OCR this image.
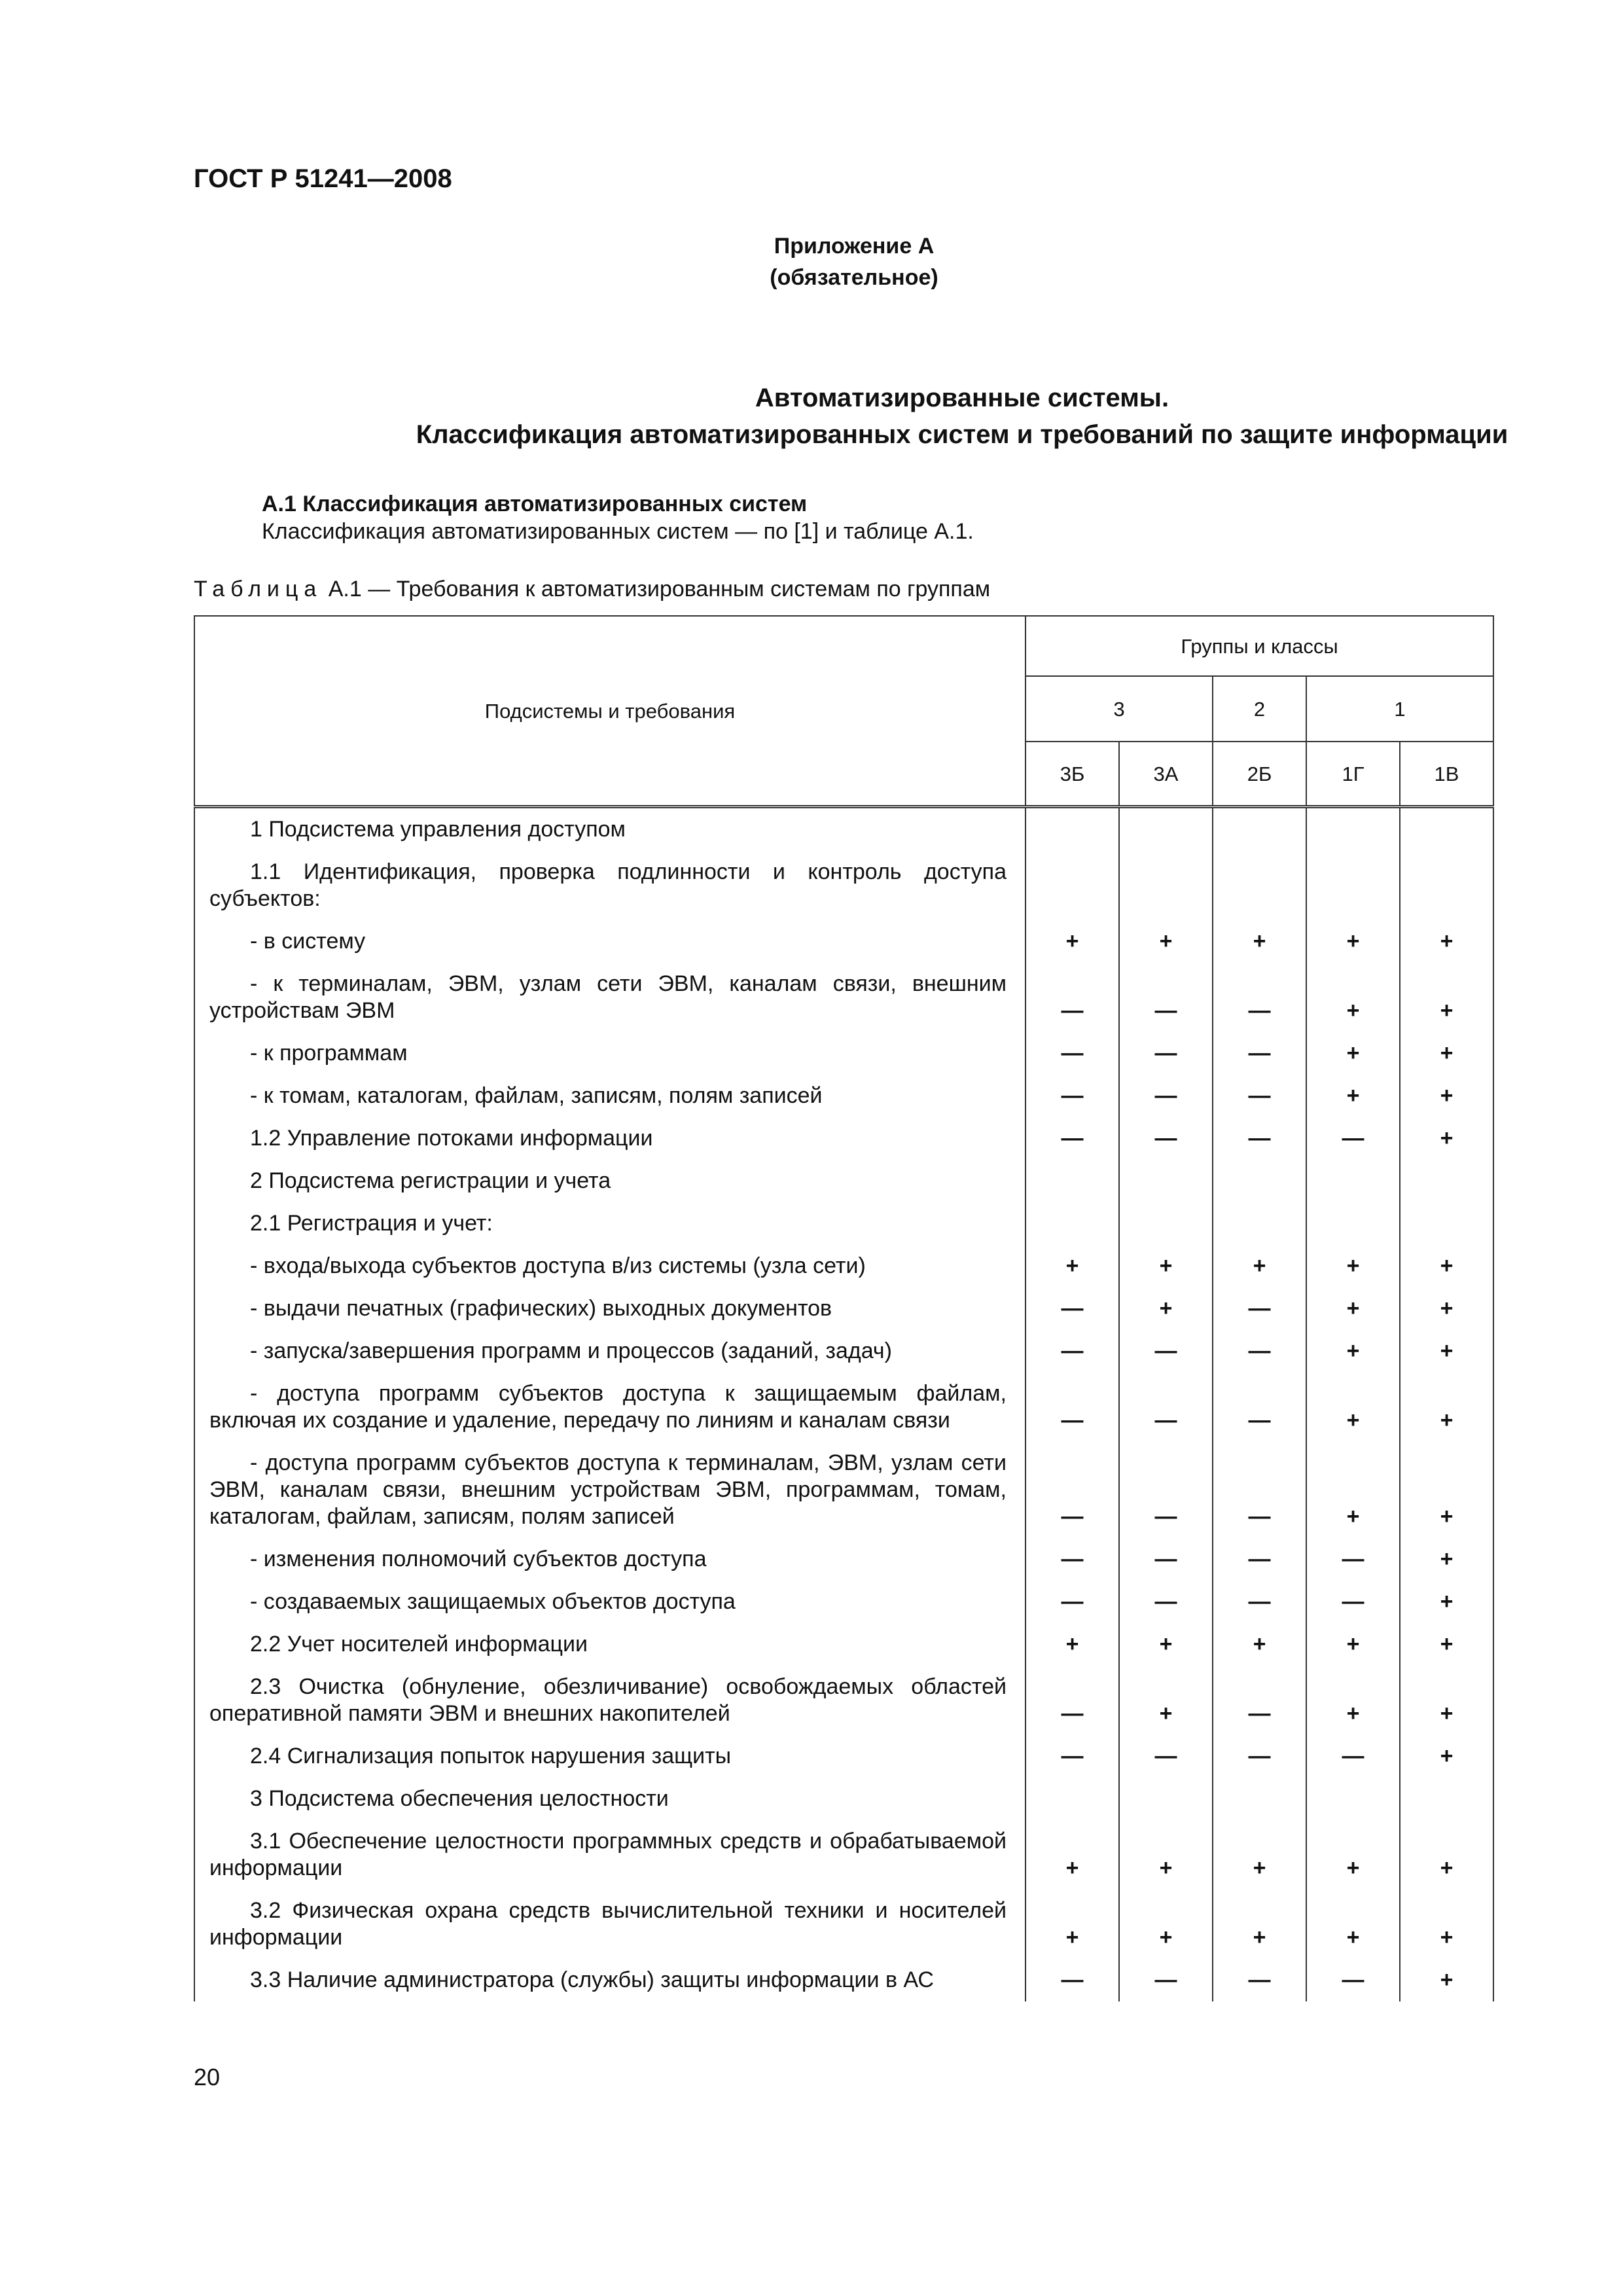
ГОСТ Р 51241—2008
Приложение А
(обязательное)
Автоматизированные системы.
Классификация автоматизированных систем и требований по защите информации
А.1 Классификация автоматизированных систем
Классификация автоматизированных систем — по [1] и таблице А.1.
Таблица А.1 — Требования к автоматизированным системам по группам
Подсистемы и требования	Группы и классы				
	3		2	1	
	3Б	3А	2Б	1Г	1В

1 Подсистема управления доступом					

1.1 Идентификация, проверка подлинности и контроль доступа субъектов:					

- в систему	+	+	+	+	+

- к терминалам, ЭВМ, узлам сети ЭВМ, каналам связи, внешним устройствам ЭВМ	—	—	—	+	+

- к программам	—	—	—	+	+

- к томам, каталогам, файлам, записям, полям записей	—	—	—	+	+

1.2 Управление потоками информации	—	—	—	—	+

2 Подсистема регистрации и учета					

2.1 Регистрация и учет:					

- входа/выхода субъектов доступа в/из системы (узла сети)	+	+	+	+	+

- выдачи печатных (графических) выходных документов	—	+	—	+	+

- запуска/завершения программ и процессов (заданий, задач)	—	—	—	+	+

- доступа программ субъектов доступа к защищаемым файлам, включая их создание и удаление, передачу по линиям и каналам связи	—	—	—	+	+

- доступа программ субъектов доступа к терминалам, ЭВМ, узлам сети ЭВМ, каналам связи, внешним устройствам ЭВМ, программам, томам, каталогам, файлам, записям, полям записей	—	—	—	+	+

- изменения полномочий субъектов доступа	—	—	—	—	+

- создаваемых защищаемых объектов доступа	—	—	—	—	+

2.2 Учет носителей информации	+	+	+	+	+

2.3 Очистка (обнуление, обезличивание) освобождаемых областей оперативной памяти ЭВМ и внешних накопителей	—	+	—	+	+

2.4 Сигнализация попыток нарушения защиты	—	—	—	—	+

3 Подсистема обеспечения целостности					

3.1 Обеспечение целостности программных средств и обрабатываемой информации	+	+	+	+	+

3.2 Физическая охрана средств вычислительной техники и носителей информации	+	+	+	+	+

3.3 Наличие администратора (службы) защиты информации в АС	—	—	—	—	+
20
